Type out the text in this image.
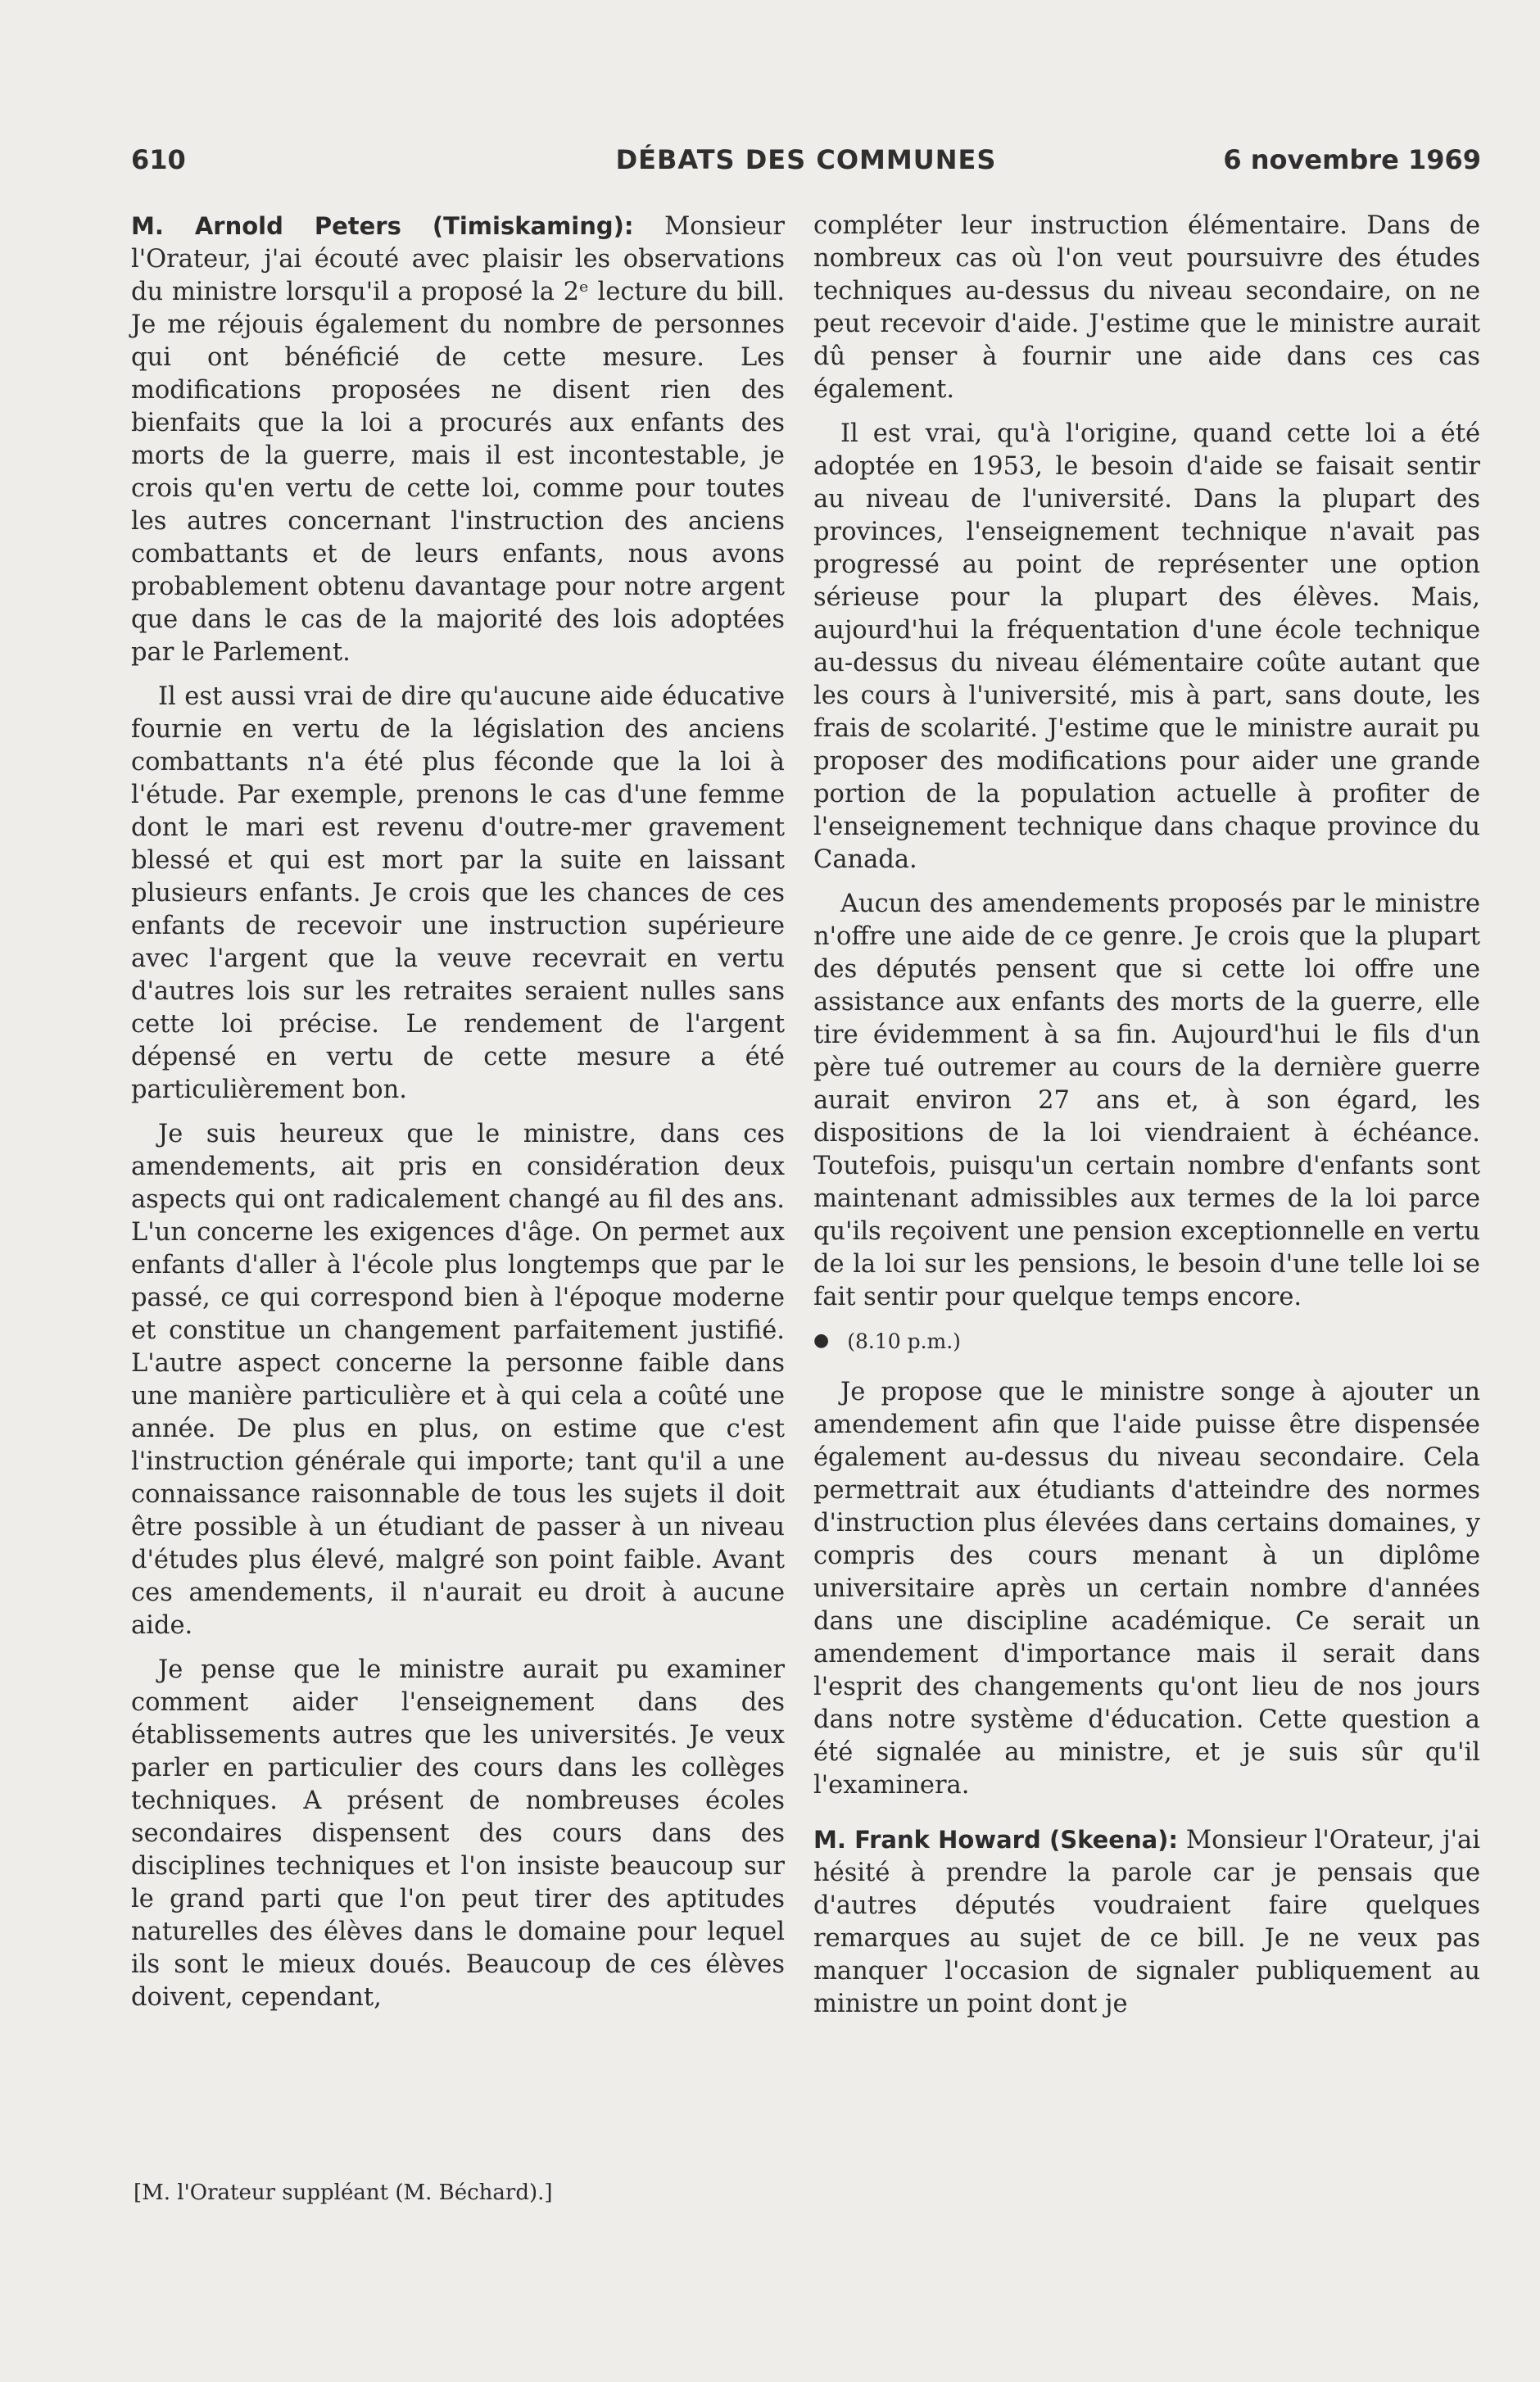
610	DÉBATS DES COMMUNES	6 novembre 1969

M. Arnold Peters (Timiskaming): Monsieur l'Orateur, j'ai écouté avec plaisir les observations du ministre lorsqu'il a proposé la 2ᵉ lecture du bill. Je me réjouis également du nombre de personnes qui ont bénéficié de cette mesure. Les modifications proposées ne disent rien des bienfaits que la loi a procurés aux enfants des morts de la guerre, mais il est incontestable, je crois qu'en vertu de cette loi, comme pour toutes les autres concernant l'instruction des anciens combattants et de leurs enfants, nous avons probablement obtenu davantage pour notre argent que dans le cas de la majorité des lois adoptées par le Parlement.

Il est aussi vrai de dire qu'aucune aide éducative fournie en vertu de la législation des anciens combattants n'a été plus féconde que la loi à l'étude. Par exemple, prenons le cas d'une femme dont le mari est revenu d'outre-mer gravement blessé et qui est mort par la suite en laissant plusieurs enfants. Je crois que les chances de ces enfants de recevoir une instruction supérieure avec l'argent que la veuve recevrait en vertu d'autres lois sur les retraites seraient nulles sans cette loi précise. Le rendement de l'argent dépensé en vertu de cette mesure a été particulièrement bon.

Je suis heureux que le ministre, dans ces amendements, ait pris en considération deux aspects qui ont radicalement changé au fil des ans. L'un concerne les exigences d'âge. On permet aux enfants d'aller à l'école plus longtemps que par le passé, ce qui correspond bien à l'époque moderne et constitue un changement parfaitement justifié. L'autre aspect concerne la personne faible dans une manière particulière et à qui cela a coûté une année. De plus en plus, on estime que c'est l'instruction générale qui importe; tant qu'il a une connaissance raisonnable de tous les sujets il doit être possible à un étudiant de passer à un niveau d'études plus élevé, malgré son point faible. Avant ces amendements, il n'aurait eu droit à aucune aide.

Je pense que le ministre aurait pu examiner comment aider l'enseignement dans des établissements autres que les universités. Je veux parler en particulier des cours dans les collèges techniques. A présent de nombreuses écoles secondaires dispensent des cours dans des disciplines techniques et l'on insiste beaucoup sur le grand parti que l'on peut tirer des aptitudes naturelles des élèves dans le domaine pour lequel ils sont le mieux doués. Beaucoup de ces élèves doivent, cependant,

[M. l'Orateur suppléant (M. Béchard).]

compléter leur instruction élémentaire. Dans de nombreux cas où l'on veut poursuivre des études techniques au-dessus du niveau secondaire, on ne peut recevoir d'aide. J'estime que le ministre aurait dû penser à fournir une aide dans ces cas également.

Il est vrai, qu'à l'origine, quand cette loi a été adoptée en 1953, le besoin d'aide se faisait sentir au niveau de l'université. Dans la plupart des provinces, l'enseignement technique n'avait pas progressé au point de représenter une option sérieuse pour la plupart des élèves. Mais, aujourd'hui la fréquentation d'une école technique au-dessus du niveau élémentaire coûte autant que les cours à l'université, mis à part, sans doute, les frais de scolarité. J'estime que le ministre aurait pu proposer des modifications pour aider une grande portion de la population actuelle à profiter de l'enseignement technique dans chaque province du Canada.

Aucun des amendements proposés par le ministre n'offre une aide de ce genre. Je crois que la plupart des députés pensent que si cette loi offre une assistance aux enfants des morts de la guerre, elle tire évidemment à sa fin. Aujourd'hui le fils d'un père tué outremer au cours de la dernière guerre aurait environ 27 ans et, à son égard, les dispositions de la loi viendraient à échéance. Toutefois, puisqu'un certain nombre d'enfants sont maintenant admissibles aux termes de la loi parce qu'ils reçoivent une pension exceptionnelle en vertu de la loi sur les pensions, le besoin d'une telle loi se fait sentir pour quelque temps encore.

● (8.10 p.m.)

Je propose que le ministre songe à ajouter un amendement afin que l'aide puisse être dispensée également au-dessus du niveau secondaire. Cela permettrait aux étudiants d'atteindre des normes d'instruction plus élevées dans certains domaines, y compris des cours menant à un diplôme universitaire après un certain nombre d'années dans une discipline académique. Ce serait un amendement d'importance mais il serait dans l'esprit des changements qu'ont lieu de nos jours dans notre système d'éducation. Cette question a été signalée au ministre, et je suis sûr qu'il l'examinera.

M. Frank Howard (Skeena): Monsieur l'Orateur, j'ai hésité à prendre la parole car je pensais que d'autres députés voudraient faire quelques remarques au sujet de ce bill. Je ne veux pas manquer l'occasion de signaler publiquement au ministre un point dont je
